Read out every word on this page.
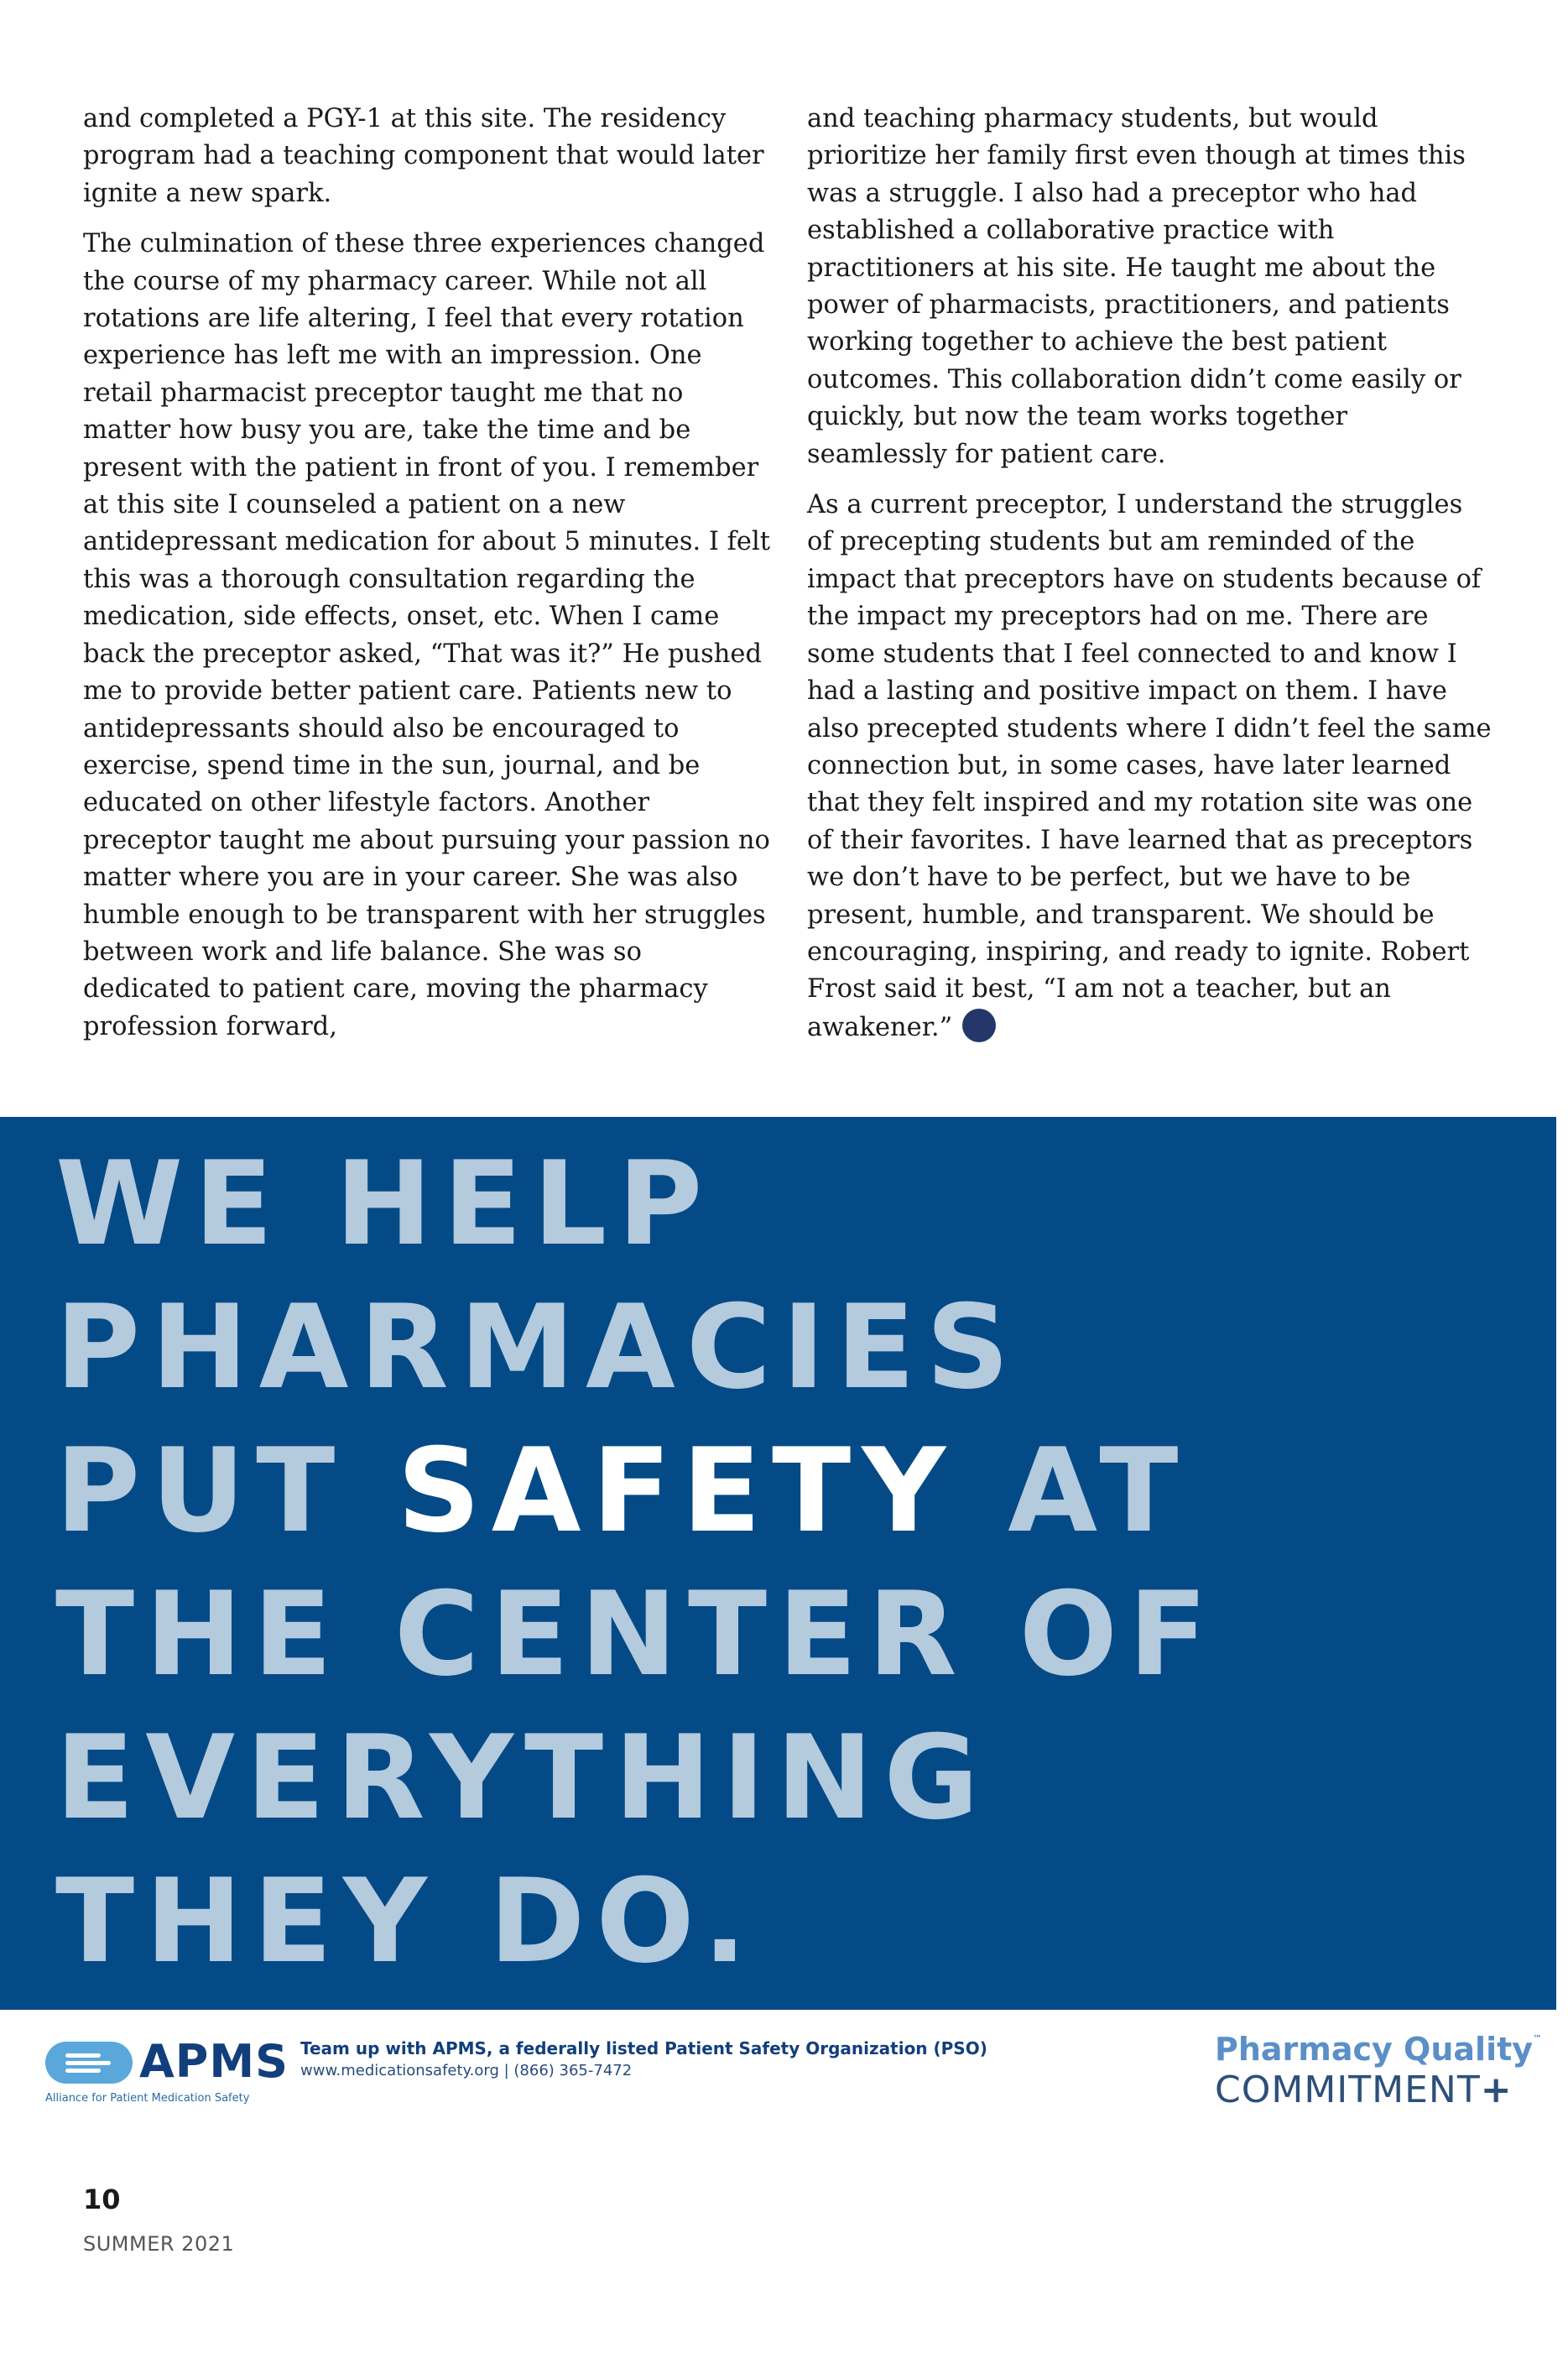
and completed a PGY-1 at this site. The residency program had a teaching component that would later ignite a new spark.

The culmination of these three experiences changed the course of my pharmacy career. While not all rotations are life altering, I feel that every rotation experience has left me with an impression. One retail pharmacist preceptor taught me that no matter how busy you are, take the time and be present with the patient in front of you. I remember at this site I counseled a patient on a new antidepressant medication for about 5 minutes. I felt this was a thorough consultation regarding the medication, side effects, onset, etc. When I came back the preceptor asked, “That was it?” He pushed me to provide better patient care. Patients new to antidepressants should also be encouraged to exercise, spend time in the sun, journal, and be educated on other lifestyle factors. Another preceptor taught me about pursuing your passion no matter where you are in your career. She was also humble enough to be transparent with her struggles between work and life balance. She was so dedicated to patient care, moving the pharmacy profession forward,

and teaching pharmacy students, but would prioritize her family first even though at times this was a struggle. I also had a preceptor who had established a collaborative practice with practitioners at his site. He taught me about the power of pharmacists, practitioners, and patients working together to achieve the best patient outcomes. This collaboration didn’t come easily or quickly, but now the team works together seamlessly for patient care.

As a current preceptor, I understand the struggles of precepting students but am reminded of the impact that preceptors have on students because of the impact my preceptors had on me. There are some students that I feel connected to and know I had a lasting and positive impact on them. I have also precepted students where I didn’t feel the same connection but, in some cases, have later learned that they felt inspired and my rotation site was one of their favorites. I have learned that as preceptors we don’t have to be perfect, but we have to be present, humble, and transparent. We should be encouraging, inspiring, and ready to ignite. Robert Frost said it best, “I am not a teacher, but an awakener.”

WE HELP
PHARMACIES
PUT SAFETY AT
THE CENTER OF
EVERYTHING
THEY DO.
APMS
Alliance for Patient Medication Safety
Team up with APMS, a federally listed Patient Safety Organization (PSO)
www.medicationsafety.org | (866) 365-7472
Pharmacy Quality™
COMMITMENT+
10
SUMMER 2021
